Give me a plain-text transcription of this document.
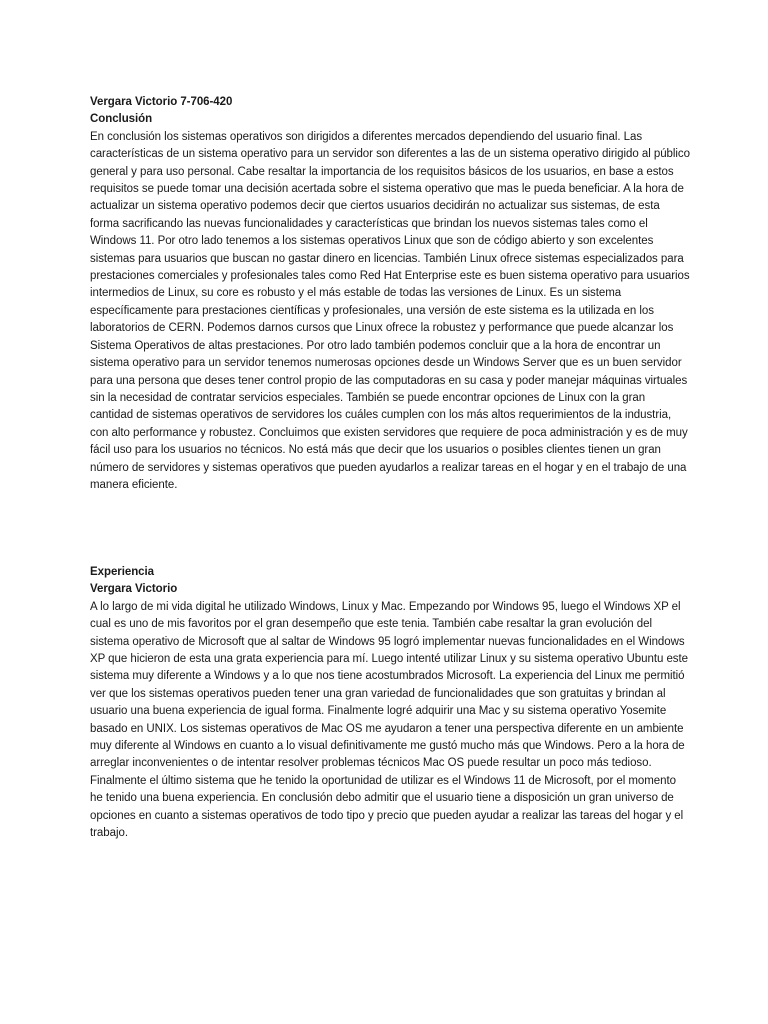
Vergara Victorio 7-706-420

Conclusión

En conclusión los sistemas operativos son dirigidos a diferentes mercados dependiendo del usuario final. Las características de un sistema operativo para un servidor son diferentes a las de un sistema operativo dirigido al público general y para uso personal. Cabe resaltar la importancia de los requisitos básicos de los usuarios, en base a estos requisitos se puede tomar una decisión acertada sobre el sistema operativo que mas le pueda beneficiar. A la hora de actualizar un sistema operativo podemos decir que ciertos usuarios decidirán no actualizar sus sistemas, de esta forma sacrificando las nuevas funcionalidades y características que brindan los nuevos sistemas tales como el Windows 11. Por otro lado tenemos a los sistemas operativos Linux que son de código abierto y son excelentes sistemas para usuarios que buscan no gastar dinero en licencias. También Linux ofrece sistemas especializados para prestaciones comerciales y profesionales tales como Red Hat Enterprise este es buen sistema operativo para usuarios intermedios de Linux, su core es robusto y el más estable de todas las versiones de Linux. Es un sistema específicamente para prestaciones científicas y profesionales, una versión de este sistema es la utilizada en los laboratorios de CERN. Podemos darnos cursos que Linux ofrece la robustez y performance que puede alcanzar los Sistema Operativos de altas prestaciones. Por otro lado también podemos concluir que a la hora de encontrar un sistema operativo para un servidor tenemos numerosas opciones desde un Windows Server que es un buen servidor para una persona que deses tener control propio de las computadoras en su casa y poder manejar máquinas virtuales sin la necesidad de contratar servicios especiales. También se puede encontrar opciones de Linux con la gran cantidad de sistemas operativos de servidores los cuáles cumplen con los más altos requerimientos de la industria, con alto performance y robustez. Concluimos que existen servidores que requiere de poca administración y es de muy fácil uso para los usuarios no técnicos. No está más que decir que los usuarios o posibles clientes tienen un gran número de servidores y sistemas operativos que pueden ayudarlos a realizar tareas en el hogar y en el trabajo de una manera eficiente.

Experiencia

Vergara Victorio

A lo largo de mi vida digital he utilizado Windows, Linux y Mac. Empezando por Windows 95, luego el Windows XP el cual es uno de mis favoritos por el gran desempeño que este tenia. También cabe resaltar la gran evolución del sistema operativo de Microsoft que al saltar de Windows 95 logró implementar nuevas funcionalidades en el Windows XP que hicieron de esta una grata experiencia para mí. Luego intenté utilizar Linux y su sistema operativo Ubuntu este sistema muy diferente a Windows y a lo que nos tiene acostumbrados Microsoft. La experiencia del Linux me permitió ver que los sistemas operativos pueden tener una gran variedad de funcionalidades que son gratuitas y brindan al usuario una buena experiencia de igual forma. Finalmente logré adquirir una Mac y su sistema operativo Yosemite basado en UNIX. Los sistemas operativos de Mac OS me ayudaron a tener una perspectiva diferente en un ambiente muy diferente al Windows en cuanto a lo visual definitivamente me gustó mucho más que Windows. Pero a la hora de arreglar inconvenientes o de intentar resolver problemas técnicos Mac OS puede resultar un poco más tedioso. Finalmente el último sistema que he tenido la oportunidad de utilizar es el Windows 11 de Microsoft, por el momento he tenido una buena experiencia. En conclusión debo admitir que el usuario tiene a disposición un gran universo de opciones en cuanto a sistemas operativos de todo tipo y precio que pueden ayudar a realizar las tareas del hogar y el trabajo.
